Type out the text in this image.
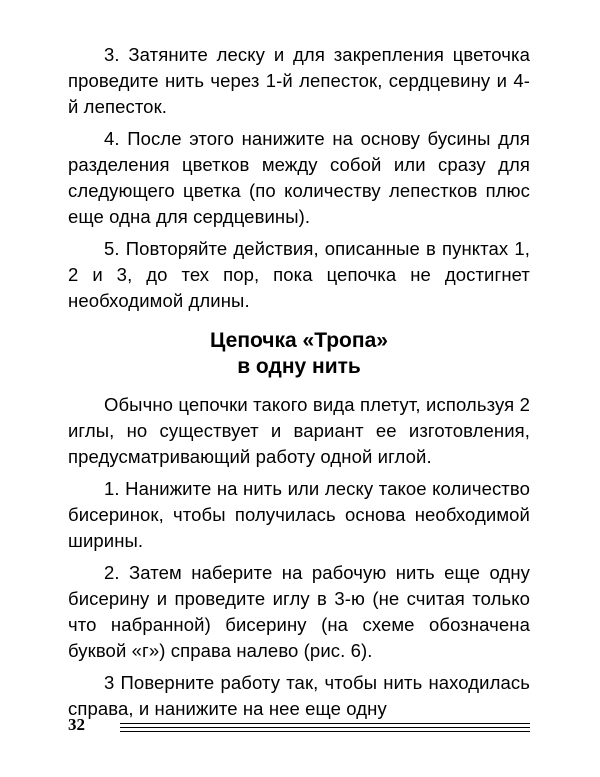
3. Затяните леску и для закрепления цветочка проведите нить через 1-й лепесток, сердцевину и 4-й лепесток.

4. После этого нанижите на основу бусины для разделения цветков между собой или сразу для следующего цветка (по количеству лепестков плюс еще одна для сердцевины).

5. Повторяйте действия, описанные в пунктах 1, 2 и 3, до тех пор, пока цепочка не достигнет необходимой длины.

Цепочка «Тропа»
в одну нить

Обычно цепочки такого вида плетут, используя 2 иглы, но существует и вариант ее изготовления, предусматривающий работу одной иглой.

1. Нанижите на нить или леску такое количество бисеринок, чтобы получилась основа необходимой ширины.

2. Затем наберите на рабочую нить еще одну бисерину и проведите иглу в 3-ю (не считая только что набранной) бисерину (на схеме обозначена буквой «г») справа налево (рис. 6).

3 Поверните работу так, чтобы нить находилась справа, и нанижите на нее еще одну

32
